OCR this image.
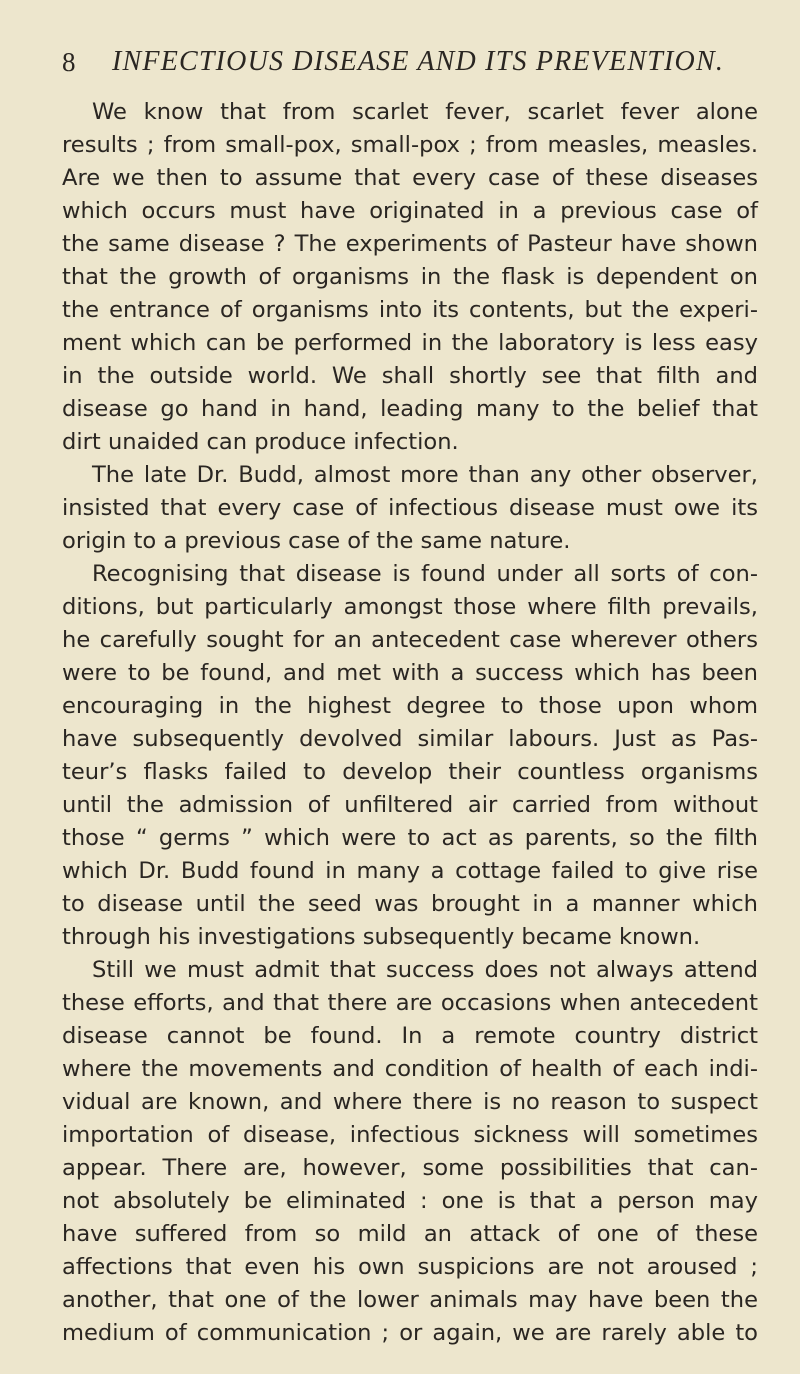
8 INFECTIOUS DISEASE AND ITS PREVENTION.
We know that from scarlet fever, scarlet fever alone
results ; from small-pox, small-pox ; from measles, measles.
Are we then to assume that every case of these diseases
which occurs must have originated in a previous case of
the same disease ? The experiments of Pasteur have shown
that the growth of organisms in the flask is dependent on
the entrance of organisms into its contents, but the experi-
ment which can be performed in the laboratory is less easy
in the outside world. We shall shortly see that filth and
disease go hand in hand, leading many to the belief that
dirt unaided can produce infection.
The late Dr. Budd, almost more than any other observer,
insisted that every case of infectious disease must owe its
origin to a previous case of the same nature.
Recognising that disease is found under all sorts of con-
ditions, but particularly amongst those where filth prevails,
he carefully sought for an antecedent case wherever others
were to be found, and met with a success which has been
encouraging in the highest degree to those upon whom
have subsequently devolved similar labours. Just as Pas-
teur’s flasks failed to develop their countless organisms
until the admission of unfiltered air carried from without
those “ germs ” which were to act as parents, so the filth
which Dr. Budd found in many a cottage failed to give rise
to disease until the seed was brought in a manner which
through his investigations subsequently became known.
Still we must admit that success does not always attend
these efforts, and that there are occasions when antecedent
disease cannot be found. In a remote country district
where the movements and condition of health of each indi-
vidual are known, and where there is no reason to suspect
importation of disease, infectious sickness will sometimes
appear. There are, however, some possibilities that can-
not absolutely be eliminated : one is that a person may
have suffered from so mild an attack of one of these
affections that even his own suspicions are not aroused ;
another, that one of the lower animals may have been the
medium of communication ; or again, we are rarely able to
